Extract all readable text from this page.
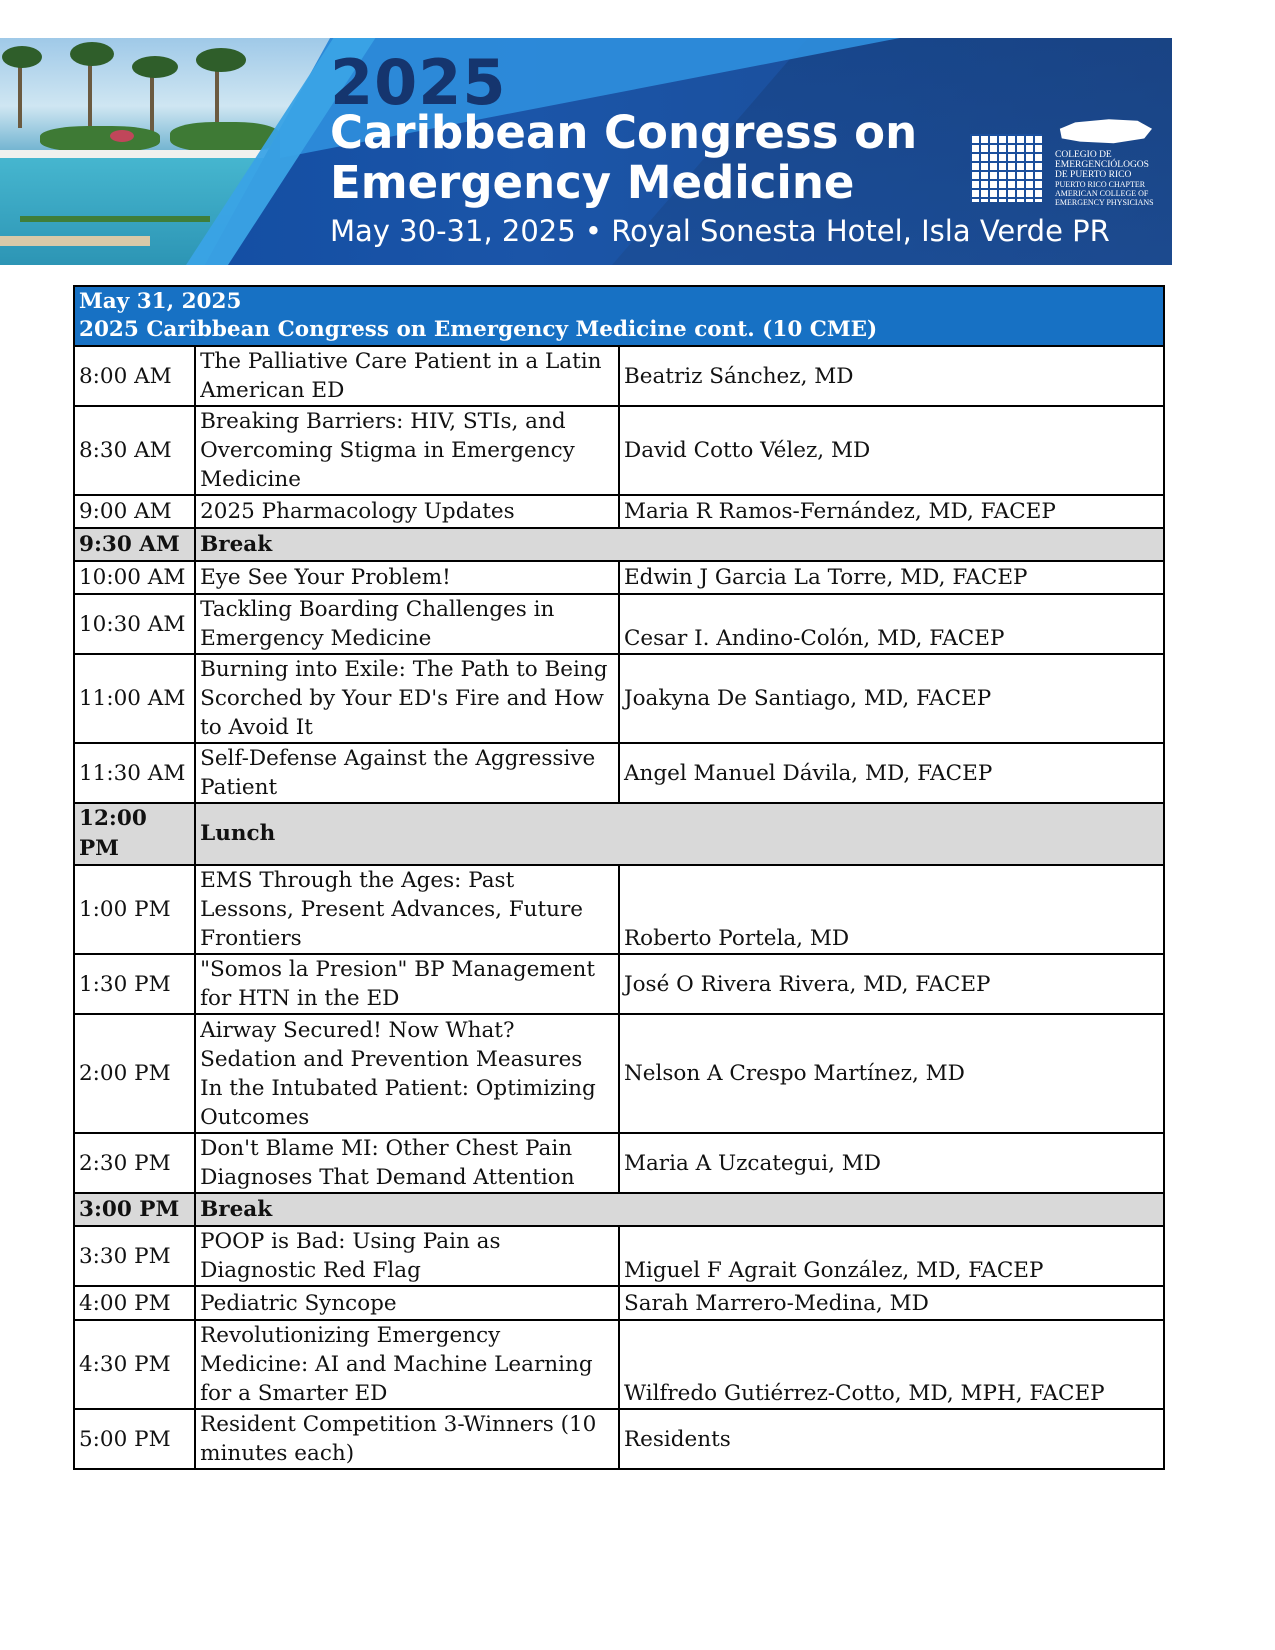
2025
Caribbean Congress on
Emergency Medicine
May 30-31, 2025 • Royal Sonesta Hotel, Isla Verde PR
COLEGIO DE
EMERGENCIÓLOGOS
DE PUERTO RICO
PUERTO RICO CHAPTER
AMERICAN COLLEGE OF
EMERGENCY PHYSICIANS
May 31, 2025
2025 Caribbean Congress on Emergency Medicine cont. (10 CME)		

8:00 AM	The Palliative Care Patient in a Latin American ED	Beatriz Sánchez, MD
8:30 AM	Breaking Barriers: HIV, STIs, and Overcoming Stigma in Emergency Medicine	David Cotto Vélez, MD
9:00 AM	2025 Pharmacology Updates	Maria R Ramos-Fernández, MD, FACEP
9:30 AM	Break	
10:00 AM	Eye See Your Problem!	Edwin J Garcia La Torre, MD, FACEP
10:30 AM	Tackling Boarding Challenges in Emergency Medicine	Cesar I. Andino-Colón, MD, FACEP
11:00 AM	Burning into Exile: The Path to Being Scorched by Your ED's Fire and How to Avoid It	Joakyna De Santiago, MD, FACEP
11:30 AM	Self-Defense Against the Aggressive Patient	Angel Manuel Dávila, MD, FACEP
12:00 PM	Lunch	
1:00 PM	EMS Through the Ages: Past Lessons, Present Advances, Future Frontiers	Roberto Portela, MD
1:30 PM	"Somos la Presion" BP Management for HTN in the ED	José O Rivera Rivera, MD, FACEP
2:00 PM	Airway Secured! Now What? Sedation and Prevention Measures
In the Intubated Patient: Optimizing Outcomes	Nelson A Crespo Martínez, MD
2:30 PM	Don't Blame MI: Other Chest Pain Diagnoses That Demand Attention	Maria A Uzcategui, MD
3:00 PM	Break	
3:30 PM	POOP is Bad: Using Pain as Diagnostic Red Flag	Miguel F Agrait González, MD, FACEP
4:00 PM	Pediatric Syncope	Sarah Marrero-Medina, MD
4:30 PM	Revolutionizing Emergency Medicine: AI and Machine Learning for a Smarter ED	Wilfredo Gutiérrez-Cotto, MD, MPH, FACEP
5:00 PM	Resident Competition 3-Winners (10 minutes each)	Residents
